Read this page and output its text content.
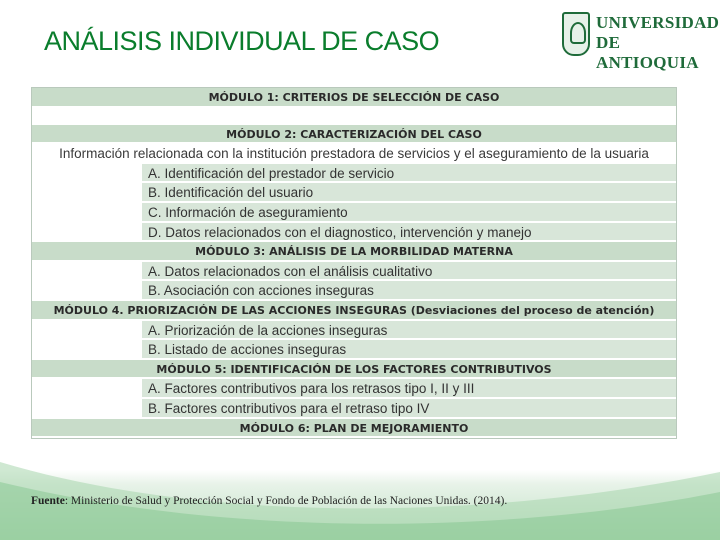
ANÁLISIS INDIVIDUAL DE CASO
UNIVERSIDAD
DE ANTIOQUIA
MÓDULO 1: CRITERIOS DE SELECCIÓN DE CASO
MÓDULO 2: CARACTERIZACIÓN DEL CASO
Información relacionada con la institución prestadora de servicios y el aseguramiento de la usuaria
A. Identificación del prestador de servicio
B. Identificación del usuario
C. Información de aseguramiento
D. Datos relacionados con el diagnostico, intervención y manejo
MÓDULO 3: ANÁLISIS DE LA MORBILIDAD MATERNA
A. Datos relacionados con el análisis cualitativo
B. Asociación con acciones inseguras
MÓDULO 4. PRIORIZACIÓN DE LAS ACCIONES INSEGURAS (Desviaciones del proceso de atención)
A. Priorización de la acciones inseguras
B. Listado de acciones inseguras
MÓDULO 5: IDENTIFICACIÓN DE LOS FACTORES CONTRIBUTIVOS
A. Factores contributivos para los retrasos tipo I, II y III
B. Factores contributivos para el retraso tipo IV
MÓDULO 6: PLAN DE MEJORAMIENTO
Fuente: Ministerio de Salud y Protección Social y Fondo de Población de las Naciones Unidas. (2014).
